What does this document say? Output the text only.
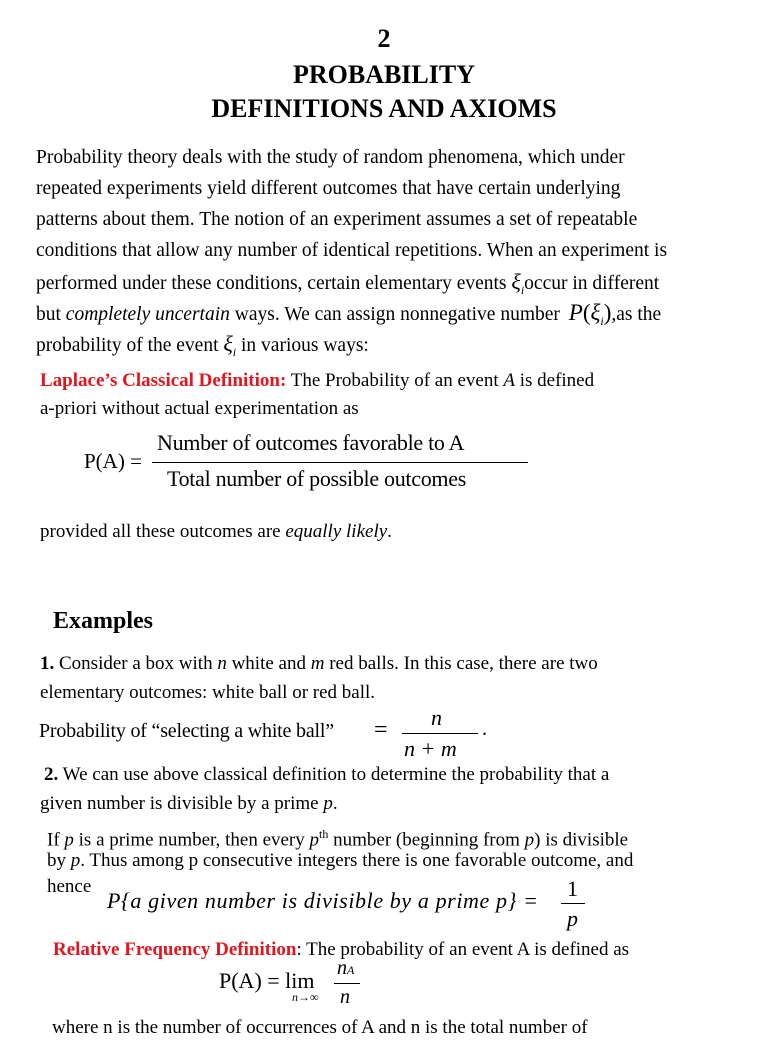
2
PROBABILITY
DEFINITIONS AND AXIOMS
Probability theory deals with the study of random phenomena, which under
repeated experiments yield different outcomes that have certain underlying
patterns about them. The notion of an experiment assumes a set of repeatable
conditions that allow any number of identical repetitions. When an experiment is
performed under these conditions, certain elementary events $\xi_ioccur$ in different
but completely uncertain ways. We can assign nonnegative number $P(\xi_i),as$ the
probability of the event $\xi_i$ in various ways:
Laplace’s Classical Definition: The Probability of an event A is defined
a-priori without actual experimentation as
P(A) =
Number of outcomes favorable to A
Total number of possible outcomes
provided all these outcomes are equally likely.
Examples
1. Consider a box with n white and m red balls. In this case, there are two
elementary outcomes: white ball or red ball.
Probability of “selecting a white ball” = n
n + m
.
2. We can use above classical definition to determine the probability that a
given number is divisible by a prime p.
If p is a prime number, then every $p^{th}$ number (beginning from p) is divisible
by p. Thus among p consecutive integers there is one favorable outcome, and
hence
P{a given number is divisible by a prime p} = 1
p
Relative Frequency Definition: The probability of an event A is defined as
P(A) = lim
n→∞
nA
n
where n is the number of occurrences of A and n is the total number of
